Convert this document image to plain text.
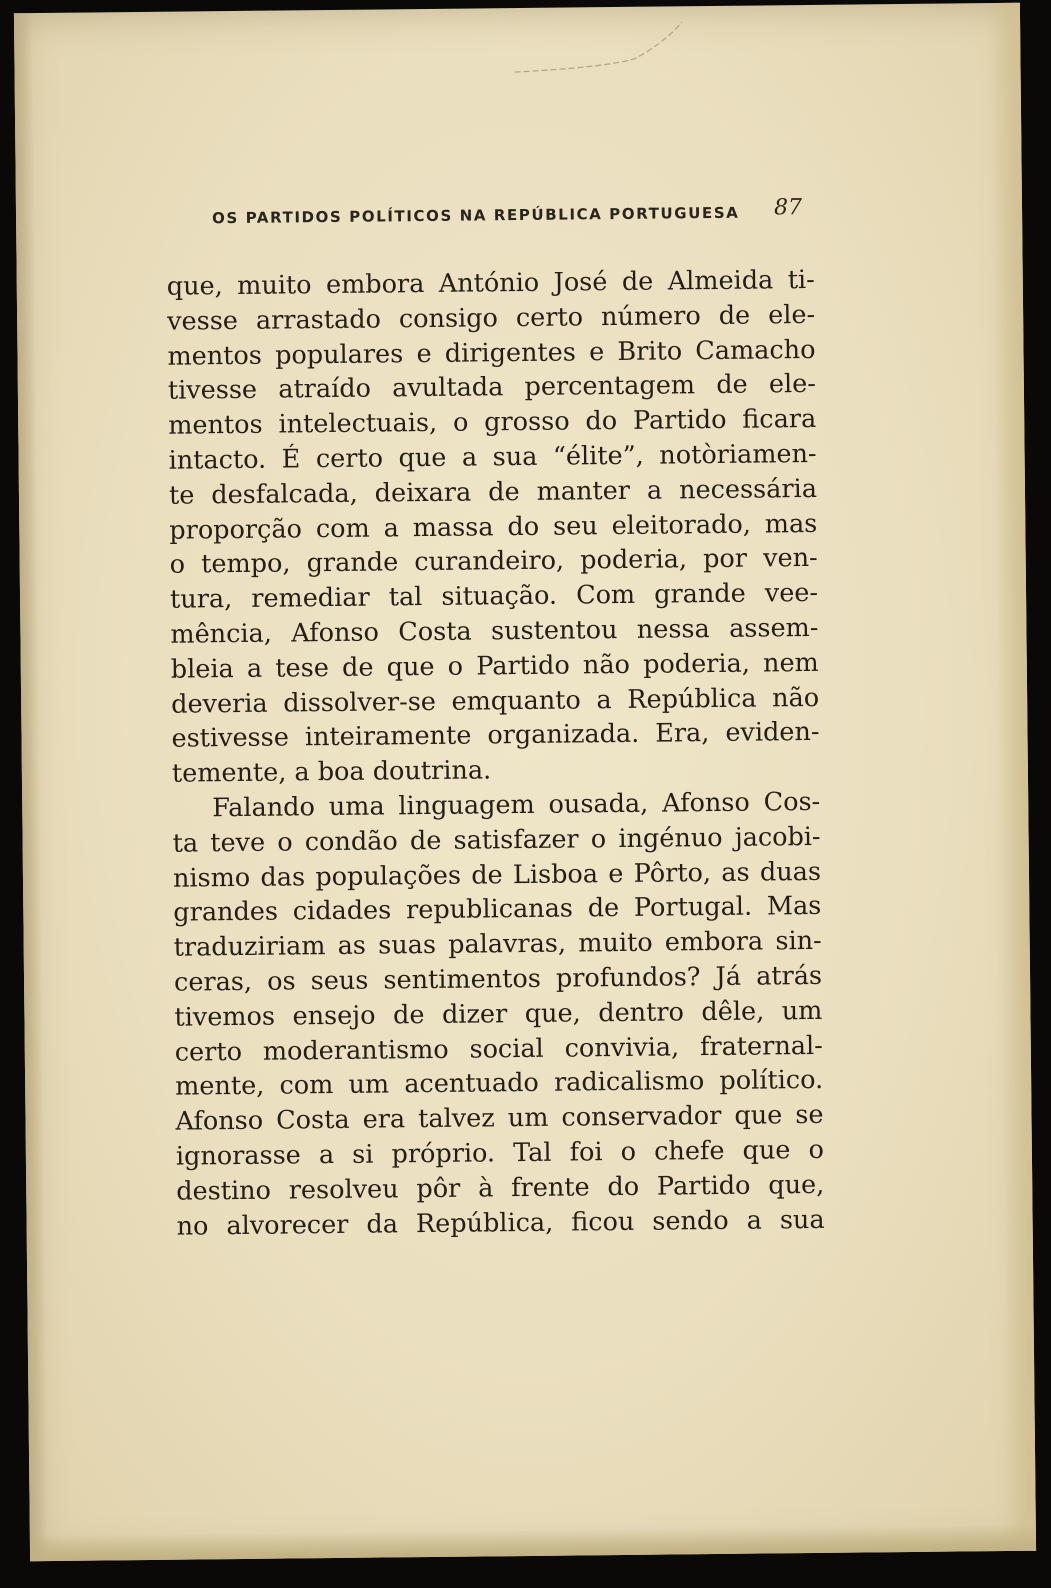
OS PARTIDOS POLÍTICOS NA REPÚBLICA PORTUGUESA 87
que, muito embora António José de Almeida ti-
vesse arrastado consigo certo número de ele-
mentos populares e dirigentes e Brito Camacho
tivesse atraído avultada percentagem de ele-
mentos intelectuais, o grosso do Partido ficara
intacto. É certo que a sua “élite”, notòriamen-
te desfalcada, deixara de manter a necessária
proporção com a massa do seu eleitorado, mas
o tempo, grande curandeiro, poderia, por ven-
tura, remediar tal situação. Com grande vee-
mência, Afonso Costa sustentou nessa assem-
bleia a tese de que o Partido não poderia, nem
deveria dissolver-se emquanto a República não
estivesse inteiramente organizada. Era, eviden-
temente, a boa doutrina.
Falando uma linguagem ousada, Afonso Cos-
ta teve o condão de satisfazer o ingénuo jacobi-
nismo das populações de Lisboa e Pôrto, as duas
grandes cidades republicanas de Portugal. Mas
traduziriam as suas palavras, muito embora sin-
ceras, os seus sentimentos profundos? Já atrás
tivemos ensejo de dizer que, dentro dêle, um
certo moderantismo social convivia, fraternal-
mente, com um acentuado radicalismo político.
Afonso Costa era talvez um conservador que se
ignorasse a si próprio. Tal foi o chefe que o
destino resolveu pôr à frente do Partido que,
no alvorecer da República, ficou sendo a sua
